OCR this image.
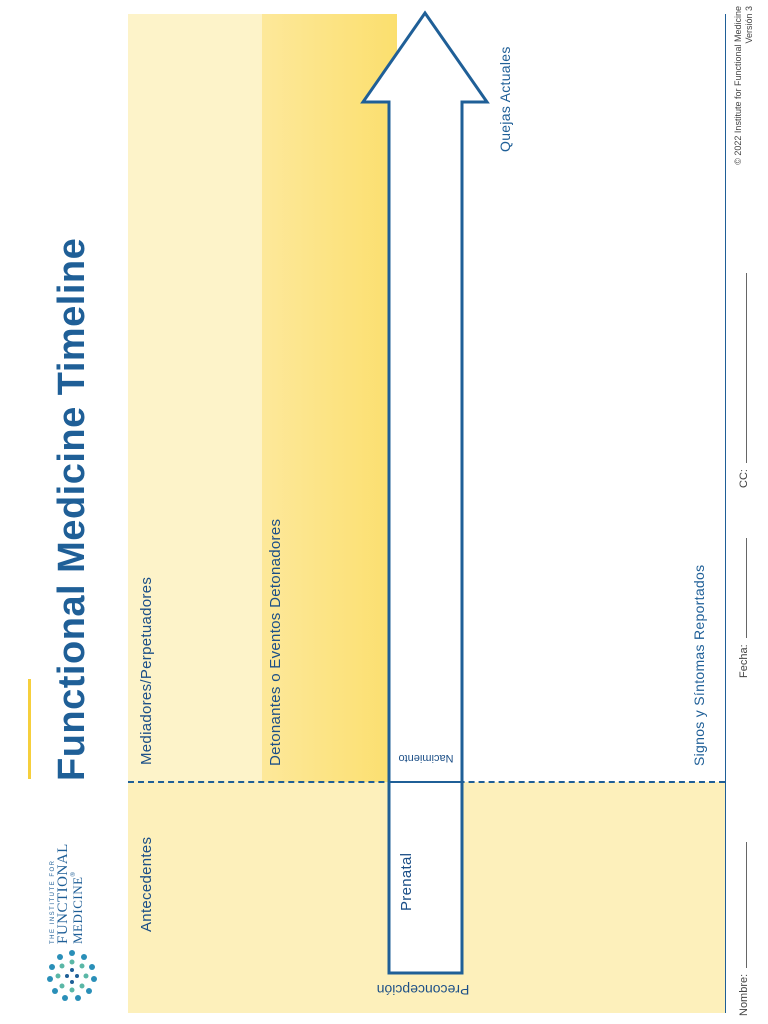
THE INSTITUTE FOR FUNCTIONAL MEDICINE
®
Functional Medicine Timeline
Antecedentes
Mediadores/Perpetuadores	Detonantes o Eventos Detonadores
Quejas Actuales
Signos y Síntomas Reportados
Prenatal
Nacimiento
Preconcepción	Nombre:
Fecha:
CC:
© 2022 Institute for Functional Medicine Versión 3
